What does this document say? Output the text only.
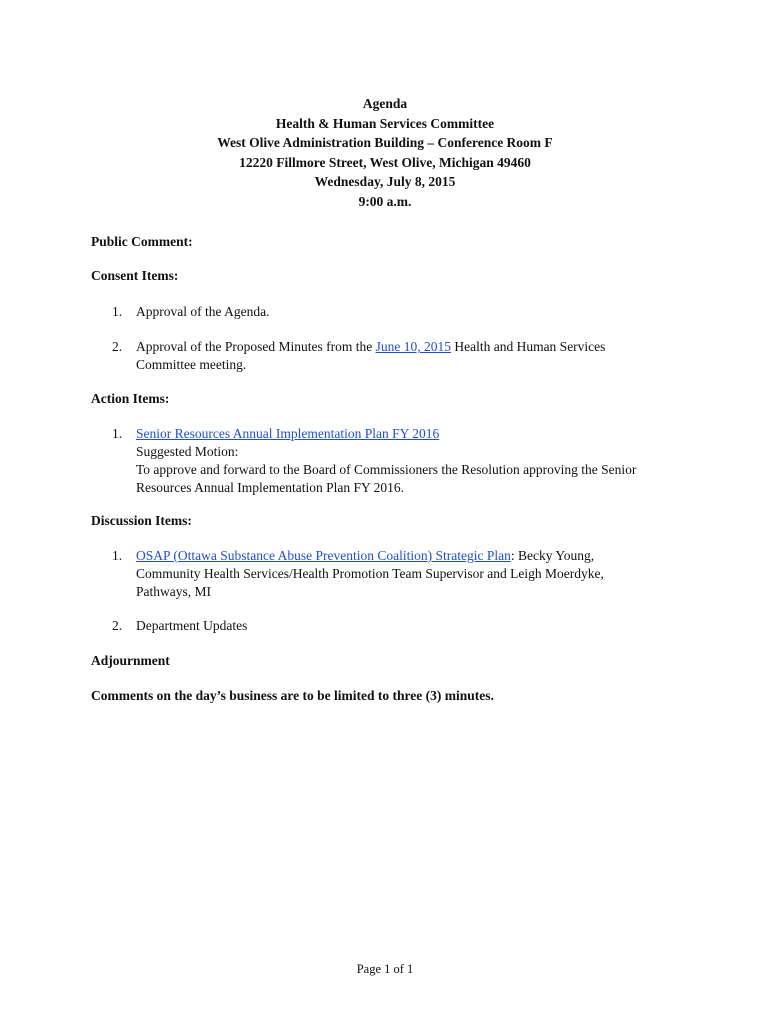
Agenda
Health & Human Services Committee
West Olive Administration Building – Conference Room F
12220 Fillmore Street, West Olive, Michigan 49460
Wednesday, July 8, 2015
9:00 a.m.
Public Comment:
Consent Items:
1. Approval of the Agenda.
2. Approval of the Proposed Minutes from the June 10, 2015 Health and Human Services
Committee meeting.
Action Items:
1. Senior Resources Annual Implementation Plan FY 2016
Suggested Motion:
To approve and forward to the Board of Commissioners the Resolution approving the Senior
Resources Annual Implementation Plan FY 2016.
Discussion Items:
1. OSAP (Ottawa Substance Abuse Prevention Coalition) Strategic Plan: Becky Young,
Community Health Services/Health Promotion Team Supervisor and Leigh Moerdyke,
Pathways, MI
2. Department Updates
Adjournment
Comments on the day’s business are to be limited to three (3) minutes.
Page 1 of 1
